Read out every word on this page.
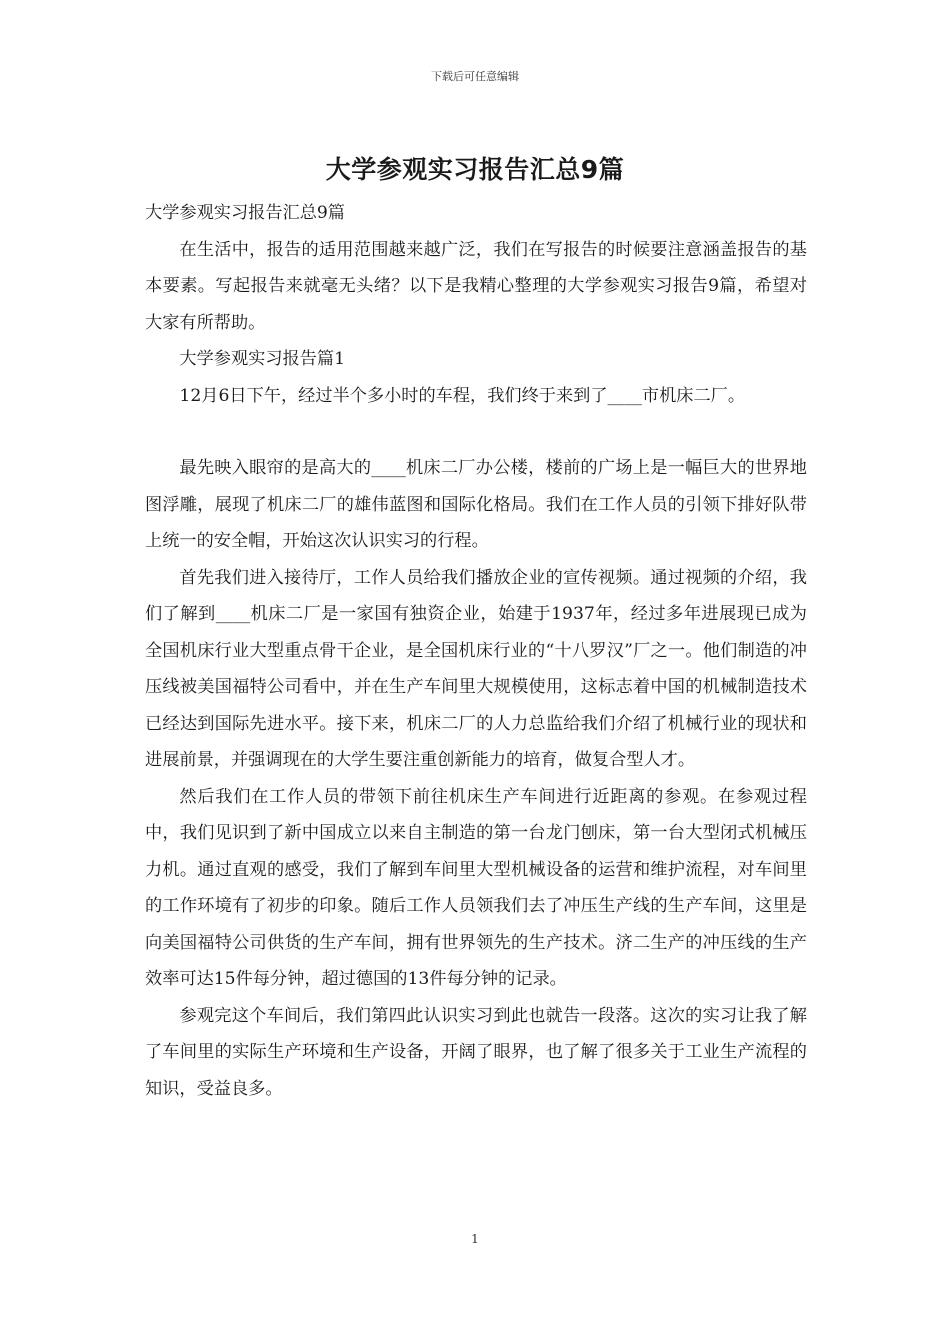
下载后可任意编辑
大学参观实习报告汇总9篇

大学参观实习报告汇总9篇

在生活中，报告的适用范围越来越广泛，我们在写报告的时候要注意涵盖报告的基本要素。写起报告来就毫无头绪？以下是我精心整理的大学参观实习报告9篇，希望对大家有所帮助。

大学参观实习报告篇1

12月6日下午，经过半个多小时的车程，我们终于来到了____市机床二厂。

最先映入眼帘的是高大的____机床二厂办公楼，楼前的广场上是一幅巨大的世界地图浮雕，展现了机床二厂的雄伟蓝图和国际化格局。我们在工作人员的引领下排好队带上统一的安全帽，开始这次认识实习的行程。

首先我们进入接待厅，工作人员给我们播放企业的宣传视频。通过视频的介绍，我们了解到____机床二厂是一家国有独资企业，始建于1937年，经过多年进展现已成为全国机床行业大型重点骨干企业，是全国机床行业的“十八罗汉”厂之一。他们制造的冲压线被美国福特公司看中，并在生产车间里大规模使用，这标志着中国的机械制造技术已经达到国际先进水平。接下来，机床二厂的人力总监给我们介绍了机械行业的现状和进展前景，并强调现在的大学生要注重创新能力的培育，做复合型人才。

然后我们在工作人员的带领下前往机床生产车间进行近距离的参观。在参观过程中，我们见识到了新中国成立以来自主制造的第一台龙门刨床，第一台大型闭式机械压力机。通过直观的感受，我们了解到车间里大型机械设备的运营和维护流程，对车间里的工作环境有了初步的印象。随后工作人员领我们去了冲压生产线的生产车间，这里是向美国福特公司供货的生产车间，拥有世界领先的生产技术。济二生产的冲压线的生产效率可达15件每分钟，超过德国的13件每分钟的记录。

参观完这个车间后，我们第四此认识实习到此也就告一段落。这次的实习让我了解了车间里的实际生产环境和生产设备，开阔了眼界，也了解了很多关于工业生产流程的知识，受益良多。

1
